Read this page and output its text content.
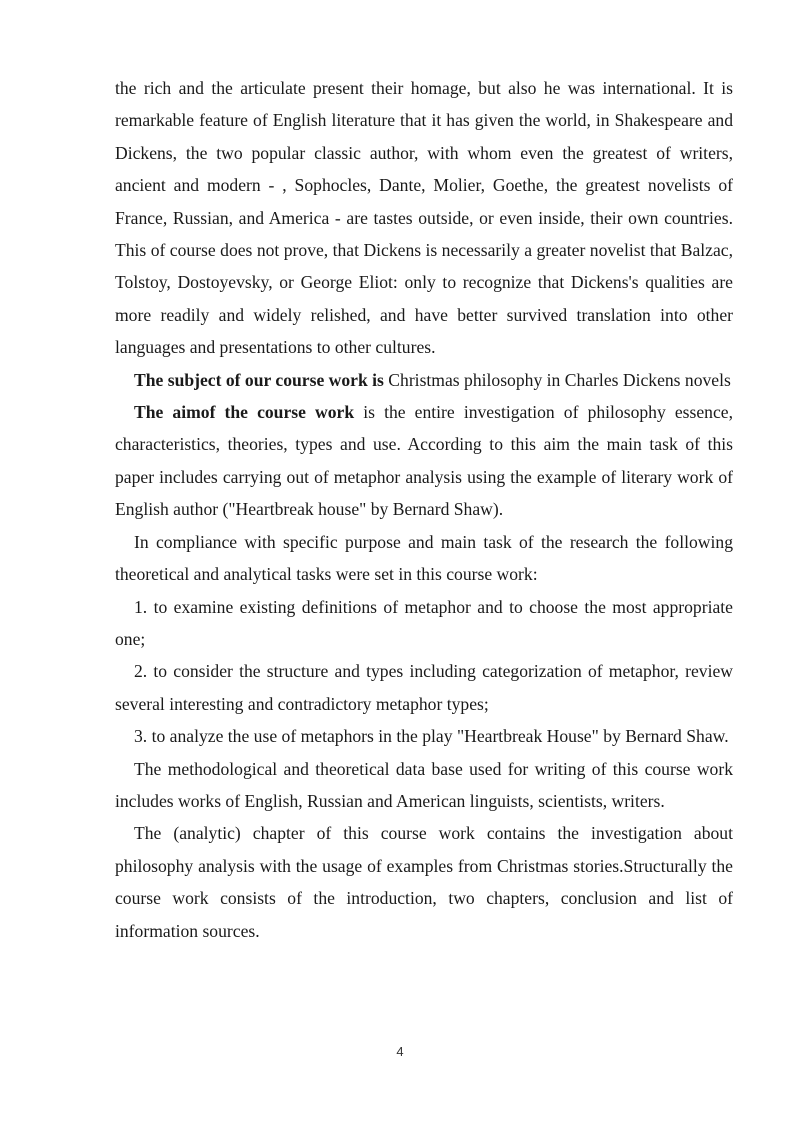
the rich and the articulate present their homage, but also he was international. It is remarkable feature of English literature that it has given the world, in Shakespeare and Dickens, the two popular classic author, with whom even the greatest of writers, ancient and modern - , Sophocles, Dante, Molier, Goethe, the greatest novelists of France, Russian, and America - are tastes outside, or even inside, their own countries. This of course does not prove, that Dickens is necessarily a greater novelist that Balzac, Tolstoy, Dostoyevsky, or George Eliot: only to recognize that Dickens's qualities are more readily and widely relished, and have better survived translation into other languages and presentations to other cultures.

The subject of our course work is Christmas philosophy in Charles Dickens novels

The aimof the course work is the entire investigation of philosophy essence, characteristics, theories, types and use. According to this aim the main task of this paper includes carrying out of metaphor analysis using the example of literary work of English author ("Heartbreak house" by Bernard Shaw).

In compliance with specific purpose and main task of the research the following theoretical and analytical tasks were set in this course work:

1. to examine existing definitions of metaphor and to choose the most appropriate one;

2. to consider the structure and types including categorization of metaphor, review several interesting and contradictory metaphor types;

3. to analyze the use of metaphors in the play "Heartbreak House" by Bernard Shaw.

The methodological and theoretical data base used for writing of this course work includes works of English, Russian and American linguists, scientists, writers.

The (analytic) chapter of this course work contains the investigation about philosophy analysis with the usage of examples from Christmas stories.Structurally the course work consists of the introduction, two chapters, conclusion and list of information sources.

4
